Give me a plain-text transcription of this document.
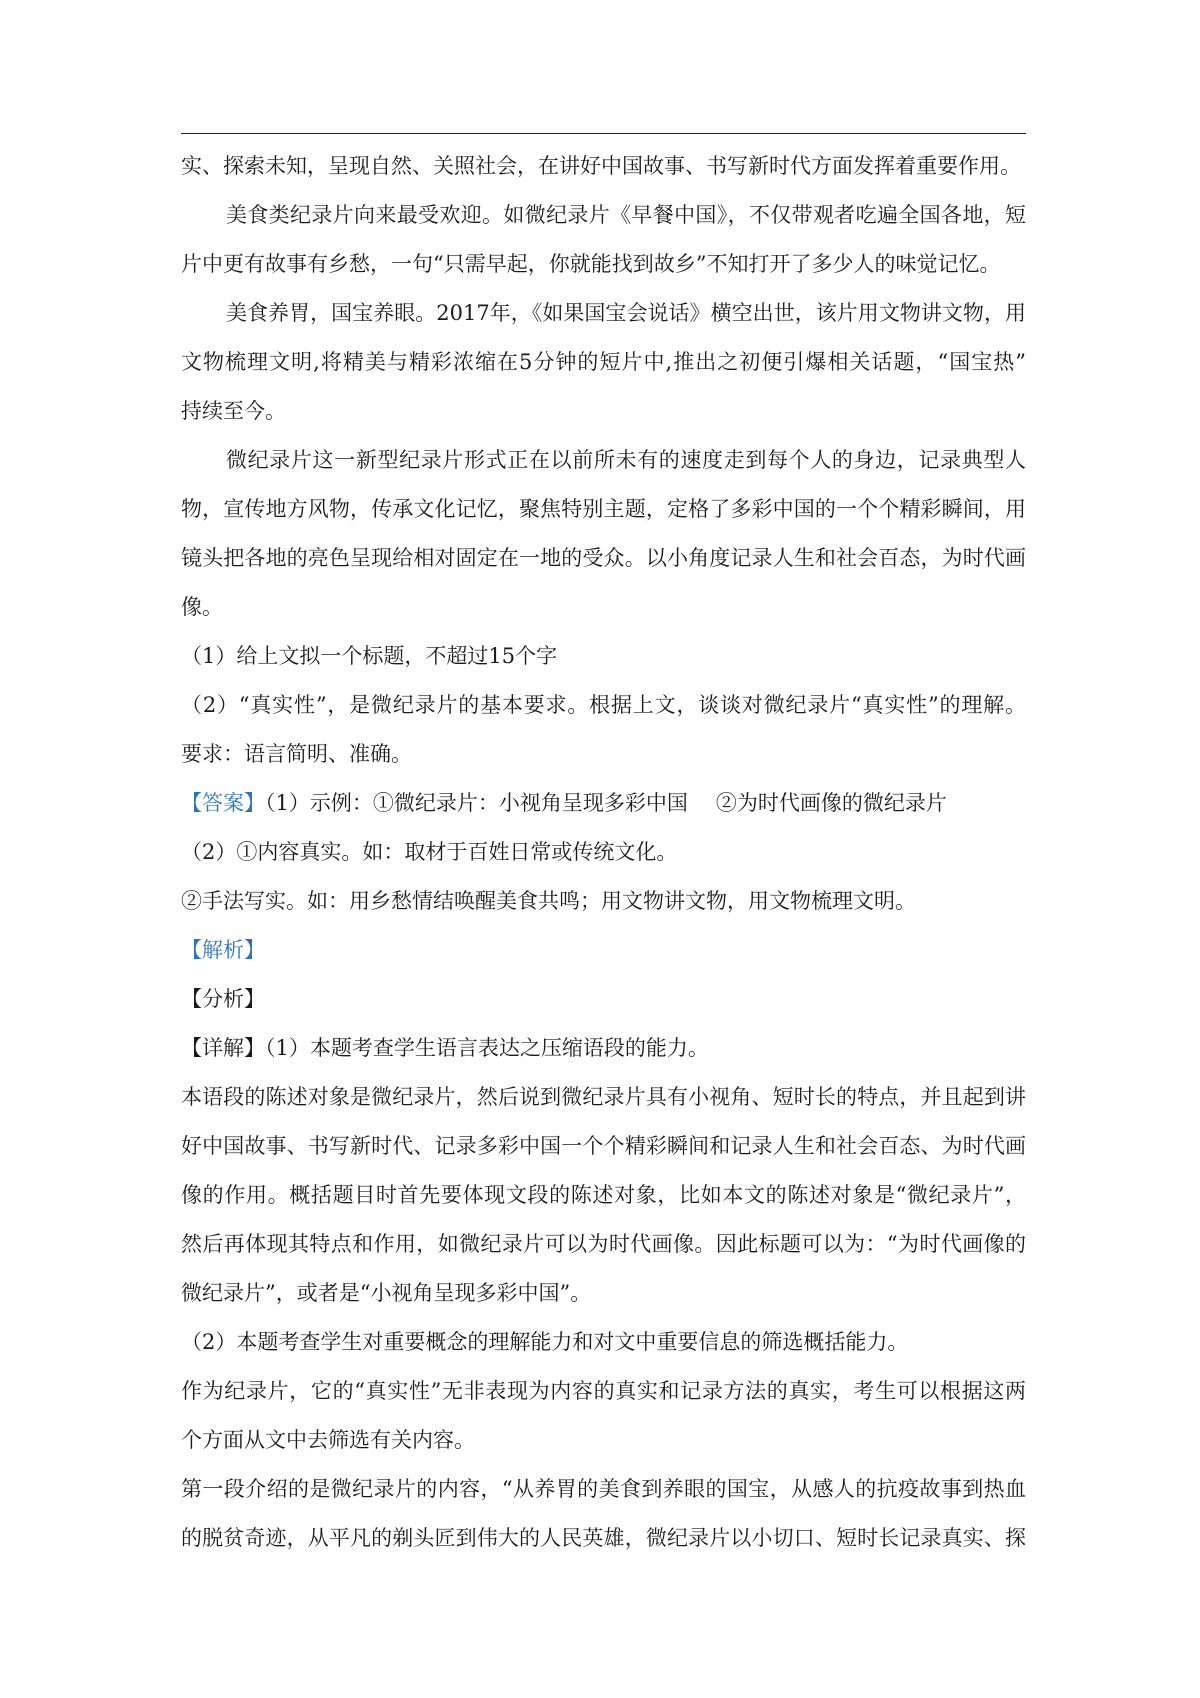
实、探索未知，呈现自然、关照社会，在讲好中国故事、书写新时代方面发挥着重要作用。
美食类纪录片向来最受欢迎。如微纪录片《早餐中国》，不仅带观者吃遍全国各地，短
片中更有故事有乡愁，一句“只需早起，你就能找到故乡”不知打开了多少人的味觉记忆。
美食养胃，国宝养眼。2017年，《如果国宝会说话》横空出世，该片用文物讲文物，用
文物梳理文明,将精美与精彩浓缩在5分钟的短片中,推出之初便引爆相关话题，“国宝热”
持续至今。
微纪录片这一新型纪录片形式正在以前所未有的速度走到每个人的身边，记录典型人
物，宣传地方风物，传承文化记忆，聚焦特别主题，定格了多彩中国的一个个精彩瞬间，用
镜头把各地的亮色呈现给相对固定在一地的受众。以小角度记录人生和社会百态，为时代画
像。
（1）给上文拟一个标题，不超过15个字
（2）“真实性”，是微纪录片的基本要求。根据上文，谈谈对微纪录片“真实性”的理解。
要求：语言简明、准确。
【答案】（1）示例：①微纪录片：小视角呈现多彩中国 ②为时代画像的微纪录片
（2）①内容真实。如：取材于百姓日常或传统文化。
②手法写实。如：用乡愁情结唤醒美食共鸣；用文物讲文物，用文物梳理文明。
【解析】
【分析】
【详解】（1）本题考查学生语言表达之压缩语段的能力。
本语段的陈述对象是微纪录片，然后说到微纪录片具有小视角、短时长的特点，并且起到讲
好中国故事、书写新时代、记录多彩中国一个个精彩瞬间和记录人生和社会百态、为时代画
像的作用。概括题目时首先要体现文段的陈述对象，比如本文的陈述对象是“微纪录片”，
然后再体现其特点和作用，如微纪录片可以为时代画像。因此标题可以为：“为时代画像的
微纪录片”，或者是“小视角呈现多彩中国”。
（2）本题考查学生对重要概念的理解能力和对文中重要信息的筛选概括能力。
作为纪录片，它的“真实性”无非表现为内容的真实和记录方法的真实，考生可以根据这两
个方面从文中去筛选有关内容。
第一段介绍的是微纪录片的内容，“从养胃的美食到养眼的国宝，从感人的抗疫故事到热血
的脱贫奇迹，从平凡的剃头匠到伟大的人民英雄，微纪录片以小切口、短时长记录真实、探
